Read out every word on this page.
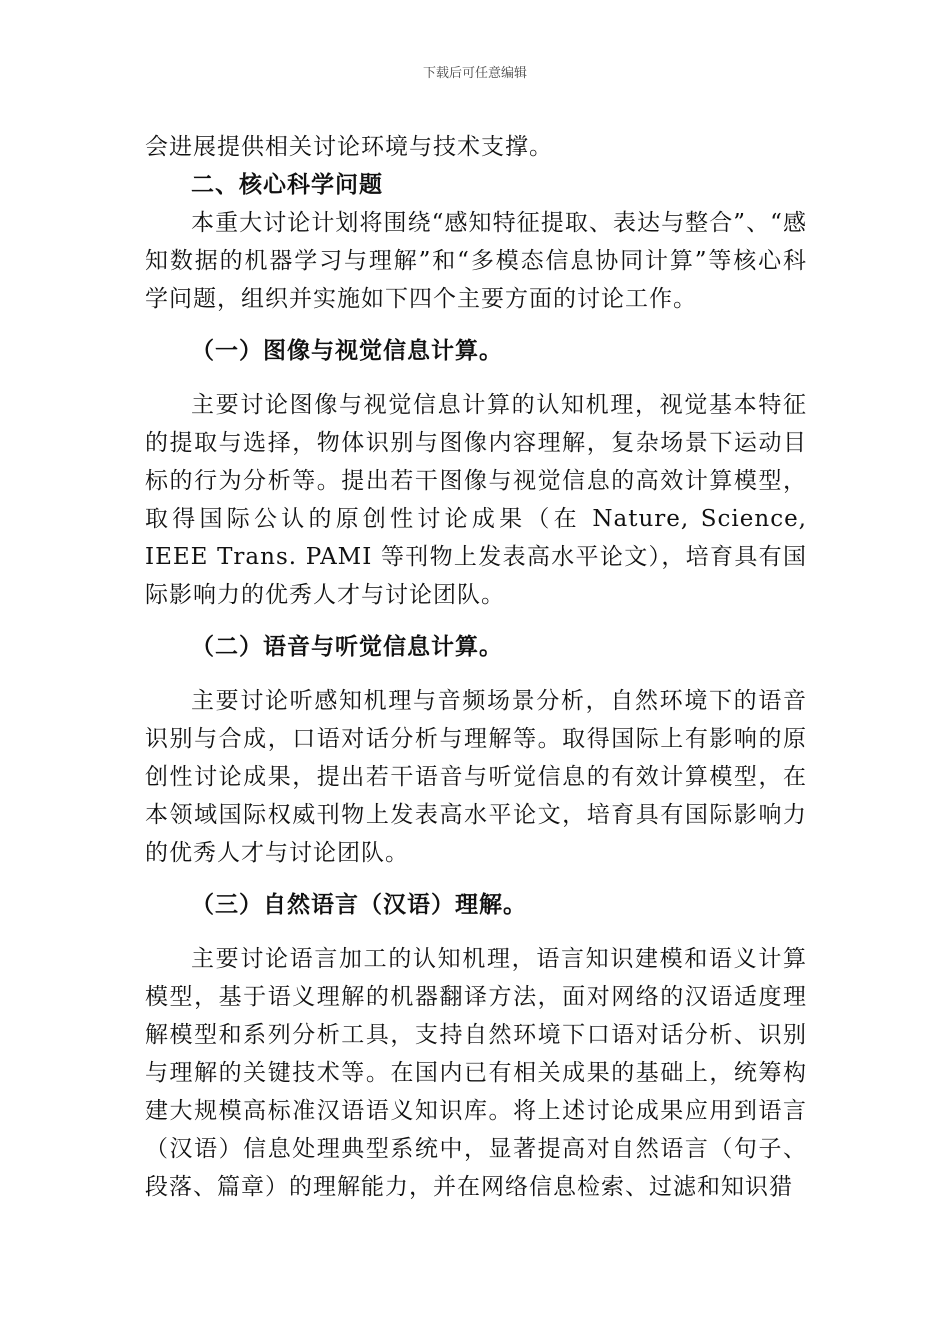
下载后可任意编辑

会进展提供相关讨论环境与技术支撑。

二、核心科学问题

本重大讨论计划将围绕“感知特征提取、表达与整合”、“感知数据的机器学习与理解”和“多模态信息协同计算”等核心科学问题，组织并实施如下四个主要方面的讨论工作。

（一）图像与视觉信息计算。

主要讨论图像与视觉信息计算的认知机理，视觉基本特征的提取与选择，物体识别与图像内容理解，复杂场景下运动目标的行为分析等。提出若干图像与视觉信息的高效计算模型，取得国际公认的原创性讨论成果（在 Nature, Science, IEEE Trans. PAMI 等刊物上发表高水平论文），培育具有国际影响力的优秀人才与讨论团队。

（二）语音与听觉信息计算。

主要讨论听感知机理与音频场景分析，自然环境下的语音识别与合成，口语对话分析与理解等。取得国际上有影响的原创性讨论成果，提出若干语音与听觉信息的有效计算模型，在本领域国际权威刊物上发表高水平论文，培育具有国际影响力的优秀人才与讨论团队。

（三）自然语言（汉语）理解。

主要讨论语言加工的认知机理，语言知识建模和语义计算模型，基于语义理解的机器翻译方法，面对网络的汉语适度理解模型和系列分析工具，支持自然环境下口语对话分析、识别与理解的关键技术等。在国内已有相关成果的基础上，统筹构建大规模高标准汉语语义知识库。将上述讨论成果应用到语言（汉语）信息处理典型系统中，显著提高对自然语言（句子、段落、篇章）的理解能力，并在网络信息检索、过滤和知识猎
